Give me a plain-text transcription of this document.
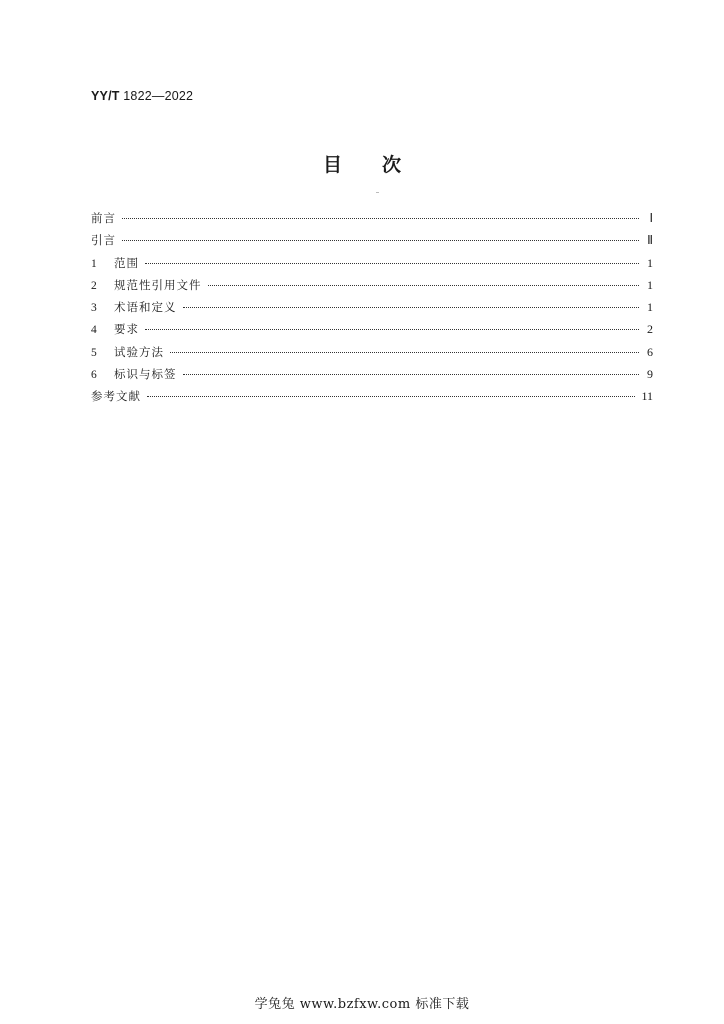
YY/T 1822—2022
目 次
前言	Ⅰ
引言	Ⅱ
1	范围	1
2	规范性引用文件	1
3	术语和定义	1
4	要求	2
5	试验方法	6
6	标识与标签	9
参考文献	11
学兔兔 www.bzfxw.com 标准下载
